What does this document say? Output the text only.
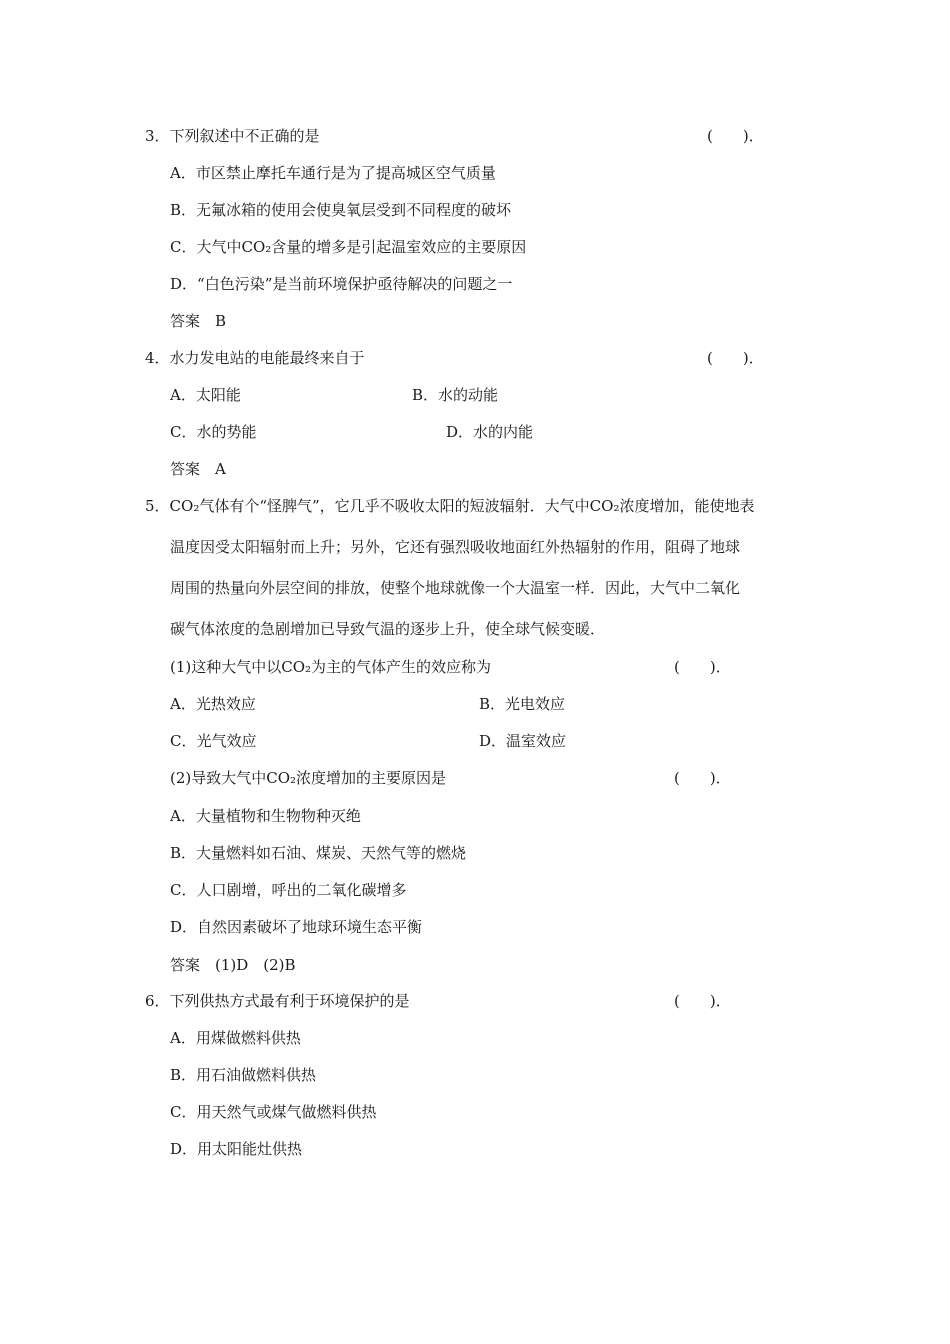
3．下列叙述中不正确的是	(　　)．
A．市区禁止摩托车通行是为了提高城区空气质量
B．无氟冰箱的使用会使臭氧层受到不同程度的破坏
C．大气中CO₂含量的增多是引起温室效应的主要原因
D．“白色污染”是当前环境保护亟待解决的问题之一
答案　B
4．水力发电站的电能最终来自于	(　　)．
A．太阳能	B．水的动能
C．水的势能	D．水的内能
答案　A
5．CO₂气体有个“怪脾气”，它几乎不吸收太阳的短波辐射．大气中CO₂浓度增加，能使地表
温度因受太阳辐射而上升；另外，它还有强烈吸收地面红外热辐射的作用，阻碍了地球
周围的热量向外层空间的排放，使整个地球就像一个大温室一样．因此，大气中二氧化
碳气体浓度的急剧增加已导致气温的逐步上升，使全球气候变暖．
(1)这种大气中以CO₂为主的气体产生的效应称为	(　　)．
A．光热效应	B．光电效应
C．光气效应	D．温室效应
(2)导致大气中CO₂浓度增加的主要原因是	(　　)．
A．大量植物和生物物种灭绝
B．大量燃料如石油、煤炭、天然气等的燃烧
C．人口剧增，呼出的二氧化碳增多
D．自然因素破坏了地球环境生态平衡
答案　(1)D　(2)B
6．下列供热方式最有利于环境保护的是	(　　)．
A．用煤做燃料供热
B．用石油做燃料供热
C．用天然气或煤气做燃料供热
D．用太阳能灶供热
